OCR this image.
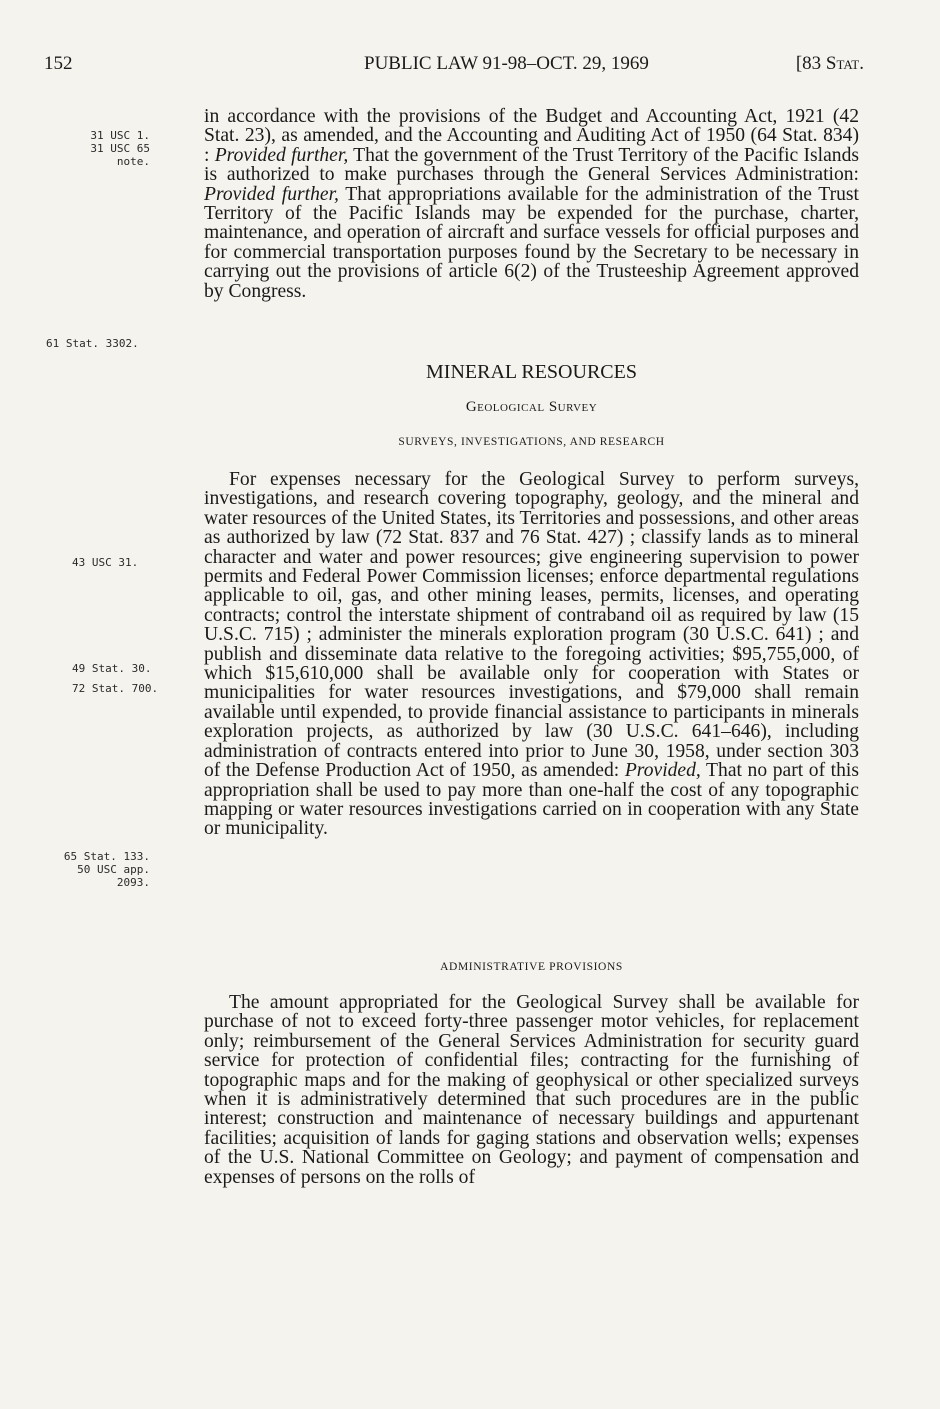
152	PUBLIC LAW 91-98–OCT. 29, 1969	[83 Stat.
31 USC 1.
31 USC 65
note.

in accordance with the provisions of the Budget and Accounting Act, 1921 (42 Stat. 23), as amended, and the Accounting and Auditing Act of 1950 (64 Stat. 834) : Provided further, That the government of the Trust Territory of the Pacific Islands is authorized to make purchases through the General Services Administration: Provided further, That appropriations available for the administration of the Trust Territory of the Pacific Islands may be expended for the purchase, charter, maintenance, and operation of aircraft and surface vessels for official purposes and for commercial transportation purposes found by the Secretary to be necessary in carrying out the provisions of article 6(2) of the Trusteeship Agreement approved by Congress.

61 Stat. 3302.
MINERAL RESOURCES
Geological Survey
SURVEYS, INVESTIGATIONS, AND RESEARCH
43 USC 31.
49 Stat. 30.
72 Stat. 700.
65 Stat. 133.
50 USC app.
2093.

For expenses necessary for the Geological Survey to perform surveys, investigations, and research covering topography, geology, and the mineral and water resources of the United States, its Territories and possessions, and other areas as authorized by law (72 Stat. 837 and 76 Stat. 427) ; classify lands as to mineral character and water and power resources; give engineering supervision to power permits and Federal Power Commission licenses; enforce departmental regulations applicable to oil, gas, and other mining leases, permits, licenses, and operating contracts; control the interstate shipment of contraband oil as required by law (15 U.S.C. 715) ; administer the minerals exploration program (30 U.S.C. 641) ; and publish and disseminate data relative to the foregoing activities; $95,755,000, of which $15,610,000 shall be available only for cooperation with States or municipalities for water resources investigations, and $79,000 shall remain available until expended, to provide financial assistance to participants in minerals exploration projects, as authorized by law (30 U.S.C. 641–646), including administration of contracts entered into prior to June 30, 1958, under section 303 of the Defense Production Act of 1950, as amended: Provided, That no part of this appropriation shall be used to pay more than one-half the cost of any topographic mapping or water resources investigations carried on in cooperation with any State or municipality.

ADMINISTRATIVE PROVISIONS

The amount appropriated for the Geological Survey shall be available for purchase of not to exceed forty-three passenger motor vehicles, for replacement only; reimbursement of the General Services Administration for security guard service for protection of confidential files; contracting for the furnishing of topographic maps and for the making of geophysical or other specialized surveys when it is administratively determined that such procedures are in the public interest; construction and maintenance of necessary buildings and appurtenant facilities; acquisition of lands for gaging stations and observation wells; expenses of the U.S. National Committee on Geology; and payment of compensation and expenses of persons on the rolls of
